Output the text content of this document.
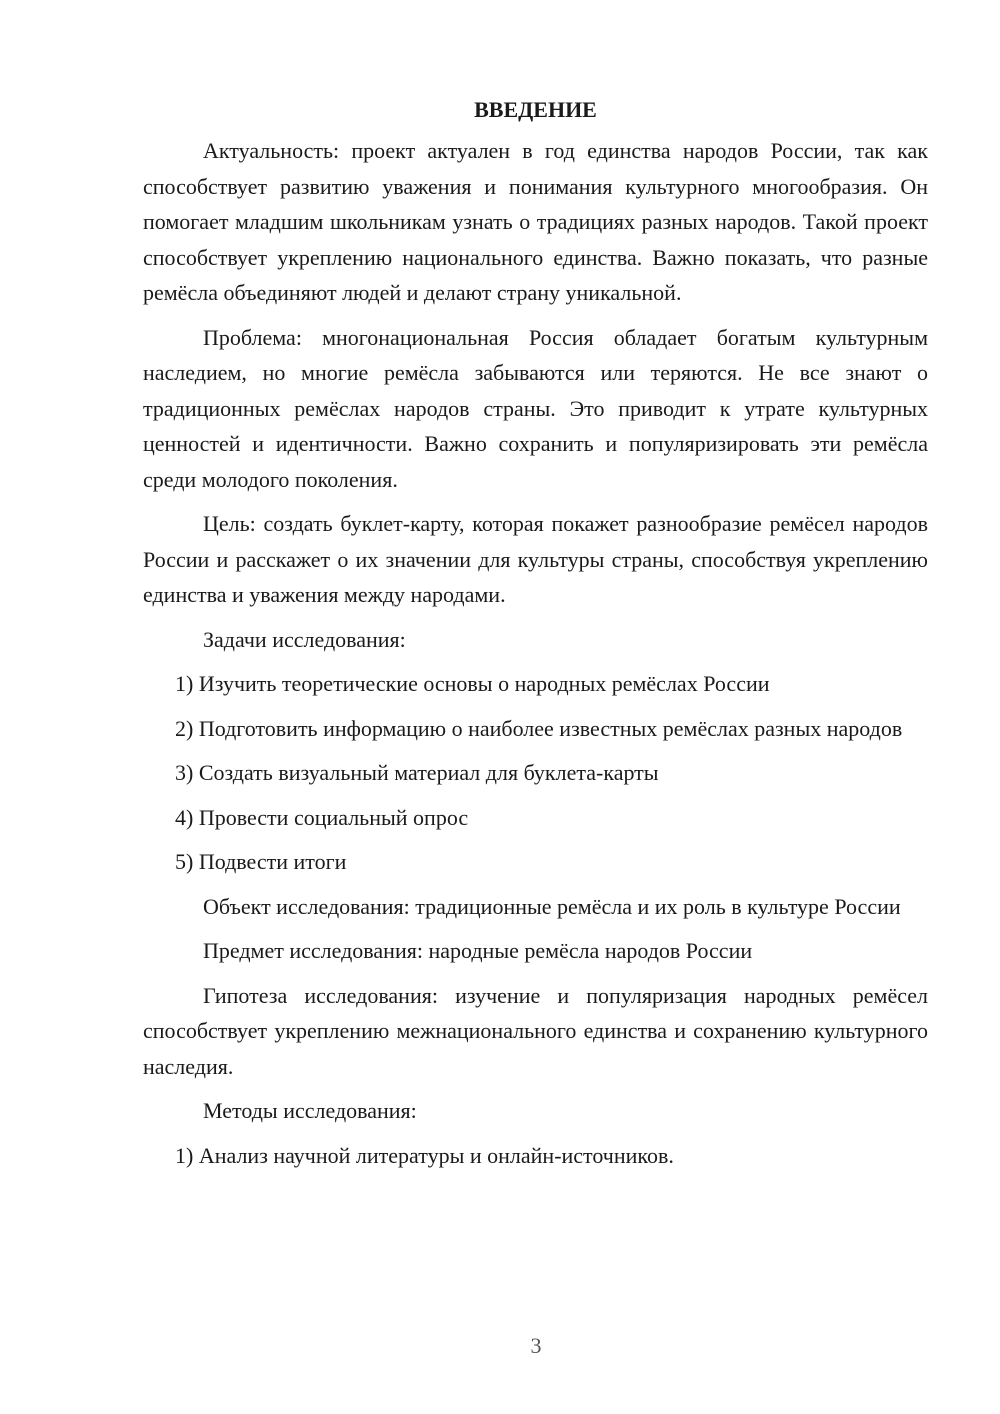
ВВЕДЕНИЕ

Актуальность: проект актуален в год единства народов России, так как способствует развитию уважения и понимания культурного многообразия. Он помогает младшим школьникам узнать о традициях разных народов. Такой проект способствует укреплению национального единства. Важно показать, что разные ремёсла объединяют людей и делают страну уникальной.

Проблема: многонациональная Россия обладает богатым культурным наследием, но многие ремёсла забываются или теряются. Не все знают о традиционных ремёслах народов страны. Это приводит к утрате культурных ценностей и идентичности. Важно сохранить и популяризировать эти ремёсла среди молодого поколения.

Цель: создать буклет-карту, которая покажет разнообразие ремёсел народов России и расскажет о их значении для культуры страны, способствуя укреплению единства и уважения между народами.

Задачи исследования:

1) Изучить теоретические основы о народных ремёслах России

2) Подготовить информацию о наиболее известных ремёслах разных народов

3) Создать визуальный материал для буклета-карты

4) Провести социальный опрос

5) Подвести итоги

Объект исследования: традиционные ремёсла и их роль в культуре России

Предмет исследования: народные ремёсла народов России

Гипотеза исследования: изучение и популяризация народных ремёсел способствует укреплению межнационального единства и сохранению культурного наследия.

Методы исследования:

1) Анализ научной литературы и онлайн-источников.

3
